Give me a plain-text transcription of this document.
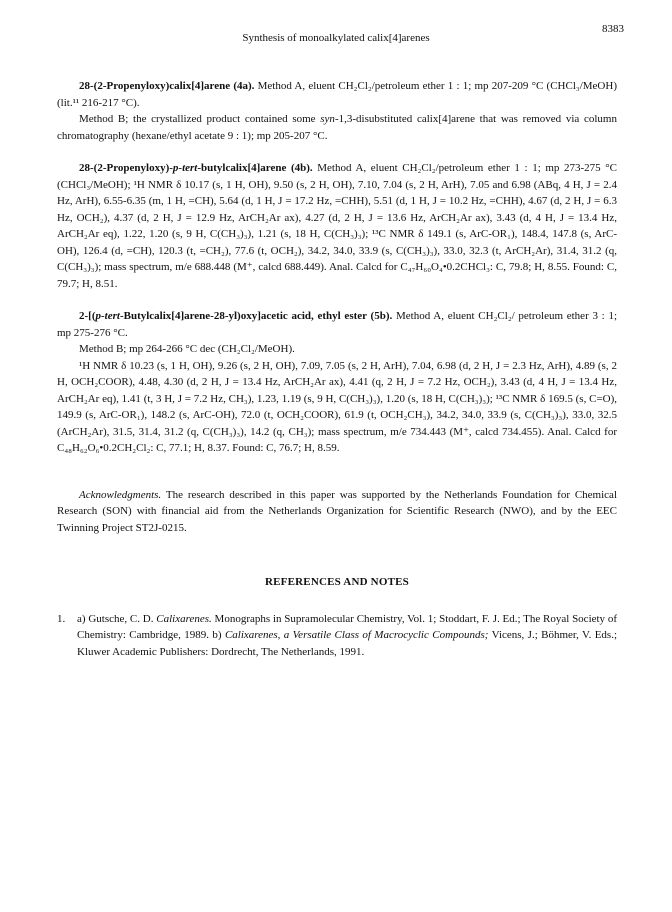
8383
Synthesis of monoalkylated calix[4]arenes

28-(2-Propenyloxy)calix[4]arene (4a). Method A, eluent CH₂Cl₂/petroleum ether 1 : 1; mp 207-209 °C (CHCl₃/MeOH) (lit.¹¹ 216-217 °C).

Method B; the crystallized product contained some syn-1,3-disubstituted calix[4]arene that was removed via column chromatography (hexane/ethyl acetate 9 : 1); mp 205-207 °C.

28-(2-Propenyloxy)-p-tert-butylcalix[4]arene (4b). Method A, eluent CH₂Cl₂/petroleum ether 1 : 1; mp 273-275 °C (CHCl₃/MeOH); ¹H NMR δ 10.17 (s, 1 H, OH), 9.50 (s, 2 H, OH), 7.10, 7.04 (s, 2 H, ArH), 7.05 and 6.98 (ABq, 4 H, J = 2.4 Hz, ArH), 6.55-6.35 (m, 1 H, =CH), 5.64 (d, 1 H, J = 17.2 Hz, =CHH), 5.51 (d, 1 H, J = 10.2 Hz, =CHH), 4.67 (d, 2 H, J = 6.3 Hz, OCH₂), 4.37 (d, 2 H, J = 12.9 Hz, ArCH₂Ar ax), 4.27 (d, 2 H, J = 13.6 Hz, ArCH₂Ar ax), 3.43 (d, 4 H, J = 13.4 Hz, ArCH₂Ar eq), 1.22, 1.20 (s, 9 H, C(CH₃)₃), 1.21 (s, 18 H, C(CH₃)₃); ¹³C NMR δ 149.1 (s, ArC-OR₁), 148.4, 147.8 (s, ArC-OH), 126.4 (d, =CH), 120.3 (t, =CH₂), 77.6 (t, OCH₂), 34.2, 34.0, 33.9 (s, C(CH₃)₃), 33.0, 32.3 (t, ArCH₂Ar), 31.4, 31.2 (q, C(CH₃)₃); mass spectrum, m/e 688.448 (M⁺, calcd 688.449). Anal. Calcd for C₄₇H₆₀O₄•0.2CHCl₃: C, 79.8; H, 8.55. Found: C, 79.7; H, 8.51.

2-[(p-tert-Butylcalix[4]arene-28-yl)oxy]acetic acid, ethyl ester (5b). Method A, eluent CH₂Cl₂/ petroleum ether 3 : 1; mp 275-276 °C.

Method B; mp 264-266 °C dec (CH₂Cl₂/MeOH).

¹H NMR δ 10.23 (s, 1 H, OH), 9.26 (s, 2 H, OH), 7.09, 7.05 (s, 2 H, ArH), 7.04, 6.98 (d, 2 H, J = 2.3 Hz, ArH), 4.89 (s, 2 H, OCH₂COOR), 4.48, 4.30 (d, 2 H, J = 13.4 Hz, ArCH₂Ar ax), 4.41 (q, 2 H, J = 7.2 Hz, OCH₂), 3.43 (d, 4 H, J = 13.4 Hz, ArCH₂Ar eq), 1.41 (t, 3 H, J = 7.2 Hz, CH₃), 1.23, 1.19 (s, 9 H, C(CH₃)₃), 1.20 (s, 18 H, C(CH₃)₃); ¹³C NMR δ 169.5 (s, C=O), 149.9 (s, ArC-OR₁), 148.2 (s, ArC-OH), 72.0 (t, OCH₂COOR), 61.9 (t, OCH₂CH₃), 34.2, 34.0, 33.9 (s, C(CH₃)₃), 33.0, 32.5 (ArCH₂Ar), 31.5, 31.4, 31.2 (q, C(CH₃)₃), 14.2 (q, CH₃); mass spectrum, m/e 734.443 (M⁺, calcd 734.455). Anal. Calcd for C₄₈H₆₂O₆•0.2CH₂Cl₂: C, 77.1; H, 8.37. Found: C, 76.7; H, 8.59.

Acknowledgments. The research described in this paper was supported by the Netherlands Foundation for Chemical Research (SON) with financial aid from the Netherlands Organization for Scientific Research (NWO), and by the EEC Twinning Project ST2J-0215.

REFERENCES AND NOTES

1.	a) Gutsche, C. D. Calixarenes. Monographs in Supramolecular Chemistry, Vol. 1; Stoddart, F. J. Ed.; The Royal Society of Chemistry: Cambridge, 1989. b) Calixarenes, a Versatile Class of Macrocyclic Compounds; Vicens, J.; Böhmer, V. Eds.; Kluwer Academic Publishers: Dordrecht, The Netherlands, 1991.
